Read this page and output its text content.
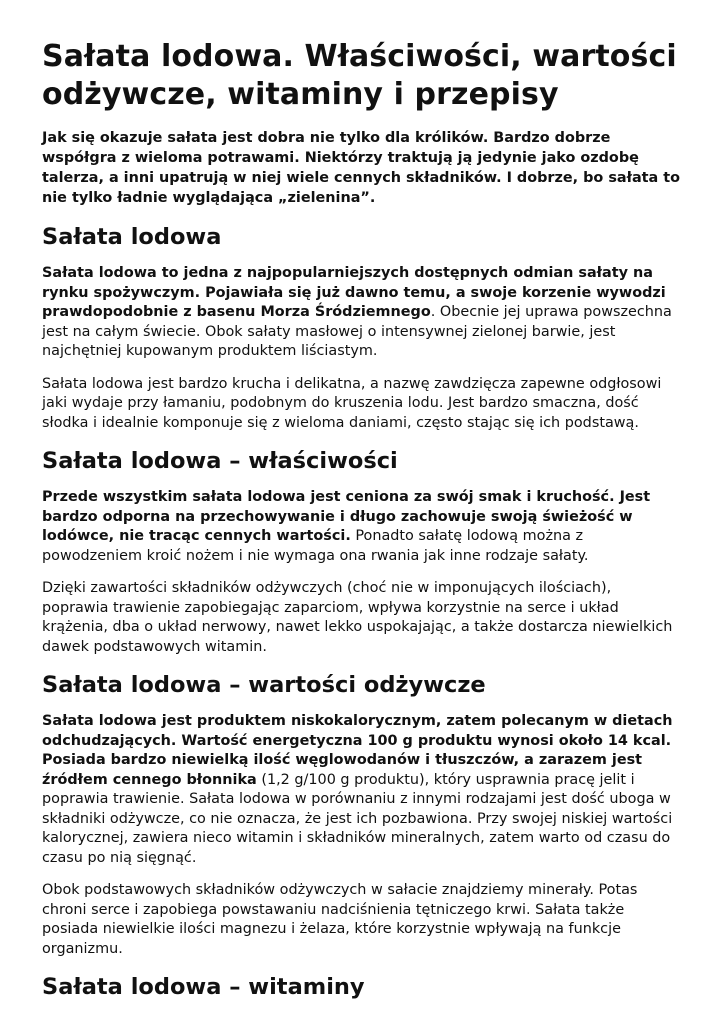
Sałata lodowa. Właściwości, wartości odżywcze, witaminy i przepisy

Jak się okazuje sałata jest dobra nie tylko dla królików. Bardzo dobrze współgra z wieloma potrawami. Niektórzy traktują ją jedynie jako ozdobę talerza, a inni upatrują w niej wiele cennych składników. I dobrze, bo sałata to nie tylko ładnie wyglądająca „zielenina”.

Sałata lodowa

Sałata lodowa to jedna z najpopularniejszych dostępnych odmian sałaty na rynku spożywczym. Pojawiała się już dawno temu, a swoje korzenie wywodzi prawdopodobnie z basenu Morza Śródziemnego. Obecnie jej uprawa powszechna jest na całym świecie. Obok sałaty masłowej o intensywnej zielonej barwie, jest najchętniej kupowanym produktem liściastym.

Sałata lodowa jest bardzo krucha i delikatna, a nazwę zawdzięcza zapewne odgłosowi jaki wydaje przy łamaniu, podobnym do kruszenia lodu. Jest bardzo smaczna, dość słodka i idealnie komponuje się z wieloma daniami, często stając się ich podstawą.

Sałata lodowa – właściwości

Przede wszystkim sałata lodowa jest ceniona za swój smak i kruchość. Jest bardzo odporna na przechowywanie i długo zachowuje swoją świeżość w lodówce, nie tracąc cennych wartości. Ponadto sałatę lodową można z powodzeniem kroić nożem i nie wymaga ona rwania jak inne rodzaje sałaty.

Dzięki zawartości składników odżywczych (choć nie w imponujących ilościach), poprawia trawienie zapobiegając zaparciom, wpływa korzystnie na serce i układ krążenia, dba o układ nerwowy, nawet lekko uspokajając, a także dostarcza niewielkich dawek podstawowych witamin.

Sałata lodowa – wartości odżywcze

Sałata lodowa jest produktem niskokalorycznym, zatem polecanym w dietach odchudzających. Wartość energetyczna 100 g produktu wynosi około 14 kcal. Posiada bardzo niewielką ilość węglowodanów i tłuszczów, a zarazem jest źródłem cennego błonnika (1,2 g/100 g produktu), który usprawnia pracę jelit i poprawia trawienie. Sałata lodowa w porównaniu z innymi rodzajami jest dość uboga w składniki odżywcze, co nie oznacza, że jest ich pozbawiona. Przy swojej niskiej wartości kalorycznej, zawiera nieco witamin i składników mineralnych, zatem warto od czasu do czasu po nią sięgnąć.

Obok podstawowych składników odżywczych w sałacie znajdziemy minerały. Potas chroni serce i zapobiega powstawaniu nadciśnienia tętniczego krwi. Sałata także posiada niewielkie ilości magnezu i żelaza, które korzystnie wpływają na funkcje organizmu.

Sałata lodowa – witaminy
